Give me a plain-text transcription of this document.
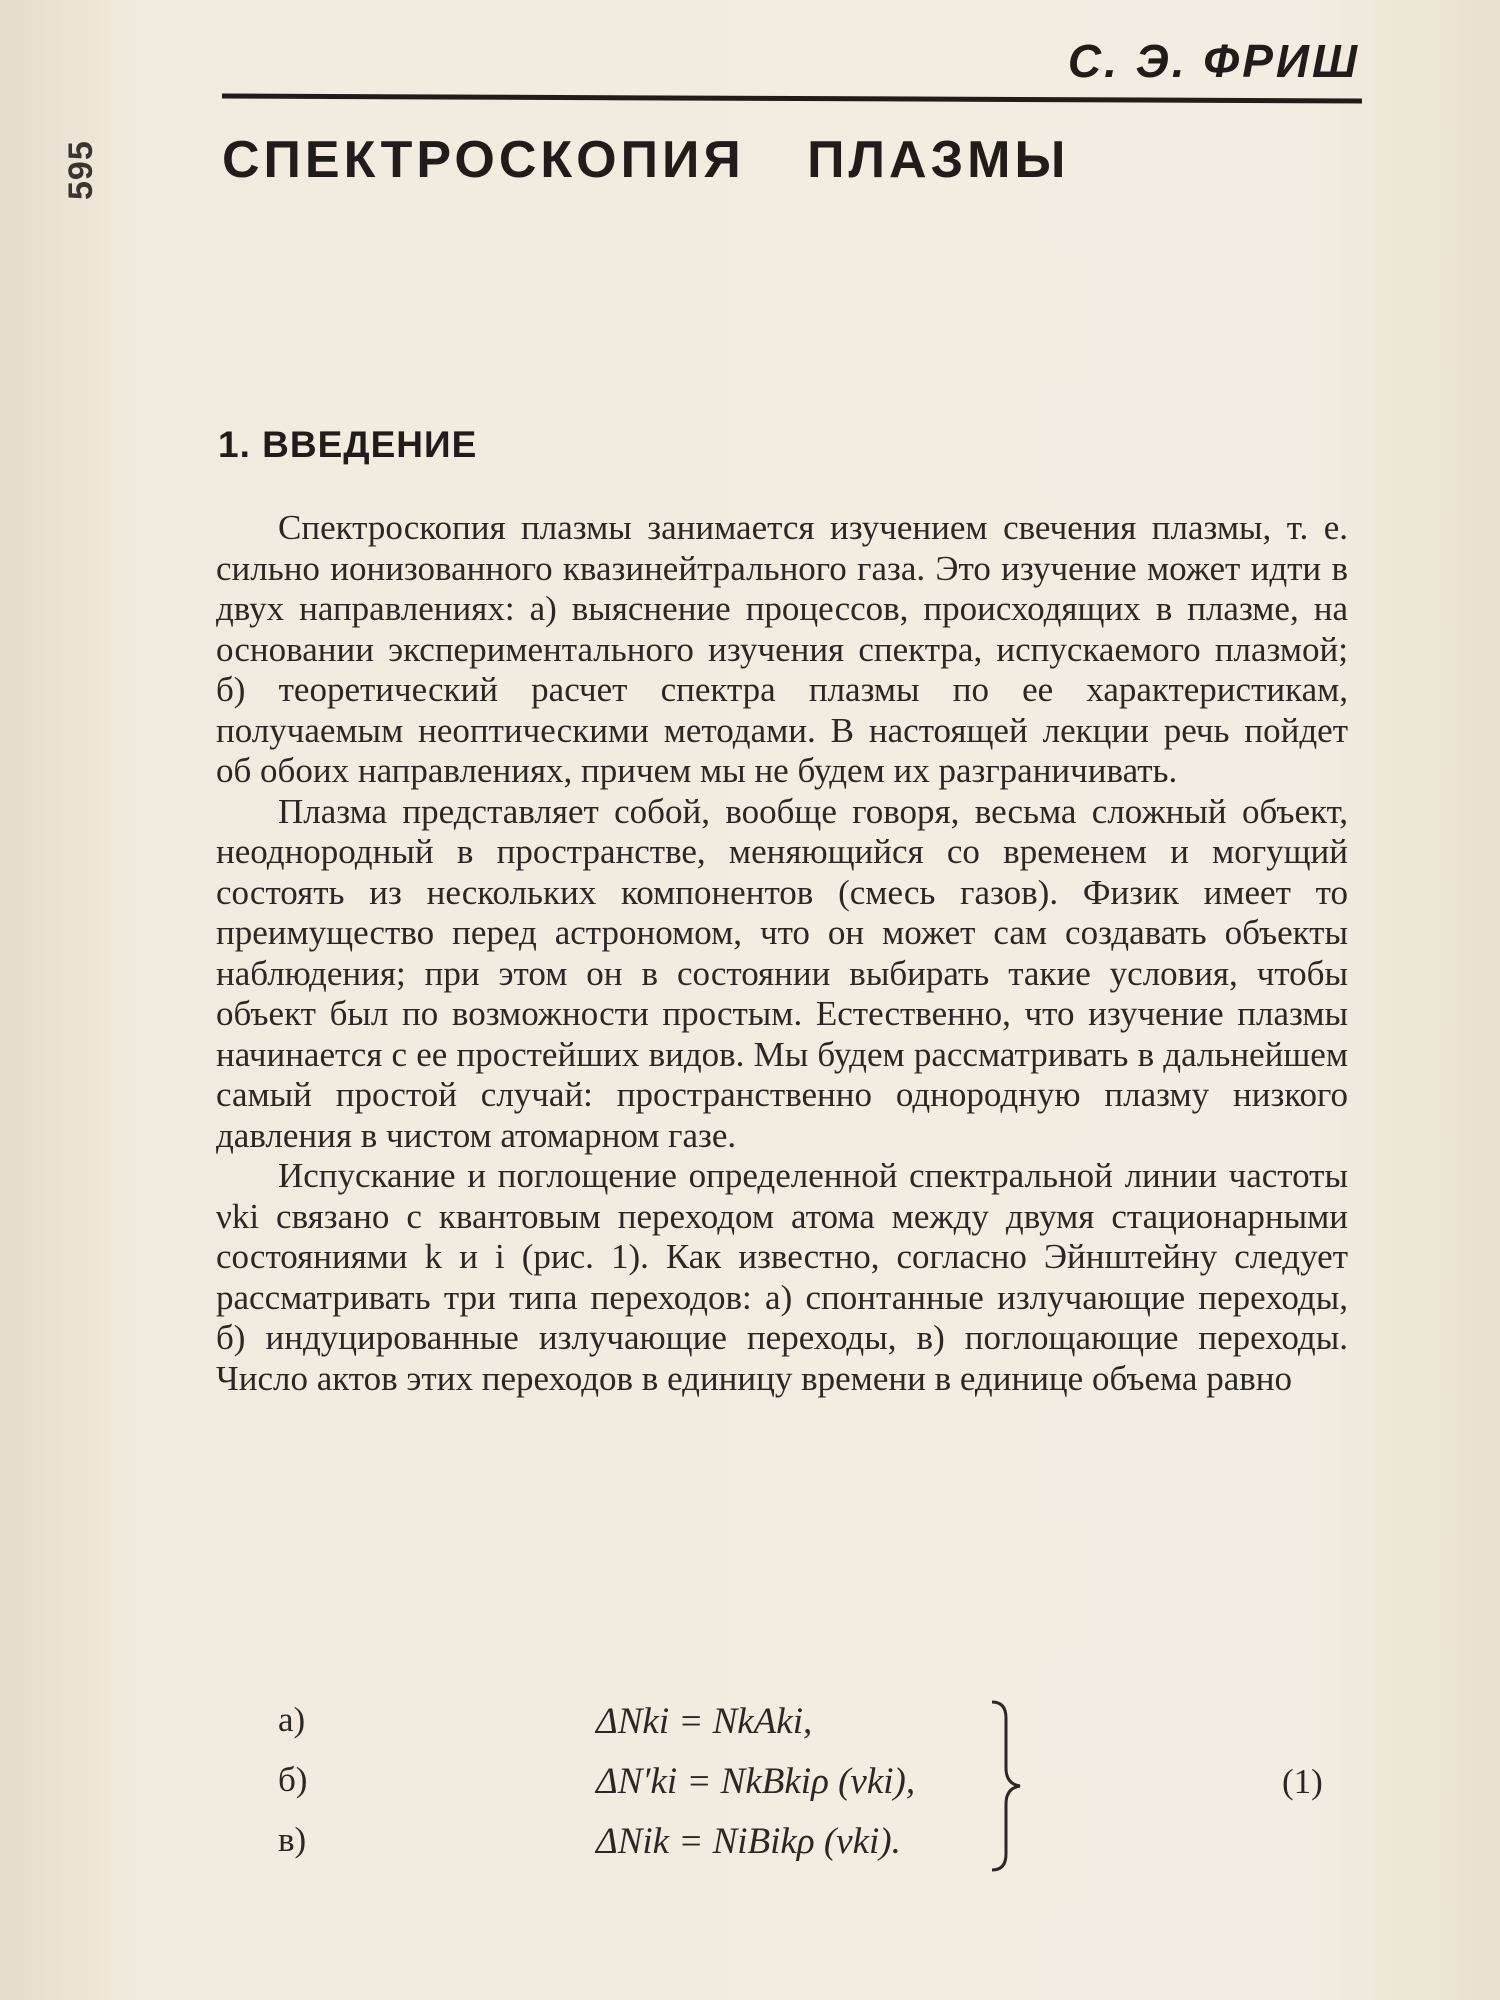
595
С. Э. ФРИШ
СПЕКТРОСКОПИЯ ПЛАЗМЫ
1. ВВЕДЕНИЕ

Спектроскопия плазмы занимается изучением свечения плазмы, т. е. сильно ионизованного квазинейтрального газа. Это изучение может идти в двух направлениях: а) выяснение процессов, происходящих в плазме, на основании экспериментального изучения спектра, испускаемого плазмой; б) теоретический расчет спектра плазмы по ее характеристикам, получаемым неоптическими методами. В настоящей лекции речь пойдет об обоих направлениях, причем мы не будем их разграничивать.

Плазма представляет собой, вообще говоря, весьма сложный объект, неоднородный в пространстве, меняющийся со временем и могущий состоять из нескольких компонентов (смесь газов). Физик имеет то преимущество перед астрономом, что он может сам создавать объекты наблюдения; при этом он в состоянии выбирать такие условия, чтобы объект был по возможности простым. Естественно, что изучение плазмы начинается с ее простейших видов. Мы будем рассматривать в дальнейшем самый простой случай: пространственно однородную плазму низкого давления в чистом атомарном газе.

Испускание и поглощение определенной спектральной линии частоты νki связано с квантовым переходом атома между двумя стационарными состояниями k и i (рис. 1). Как известно, согласно Эйнштейну следует рассматривать три типа переходов: а) спонтанные излучающие переходы, б) индуцированные излучающие переходы, в) поглощающие переходы. Число актов этих переходов в единицу времени в единице объема равно

а)	ΔNki = NkAki,
б)	ΔN′ki = NkBkiρ (νki),
в)	ΔNik = NiBikρ (νki).
(1)
